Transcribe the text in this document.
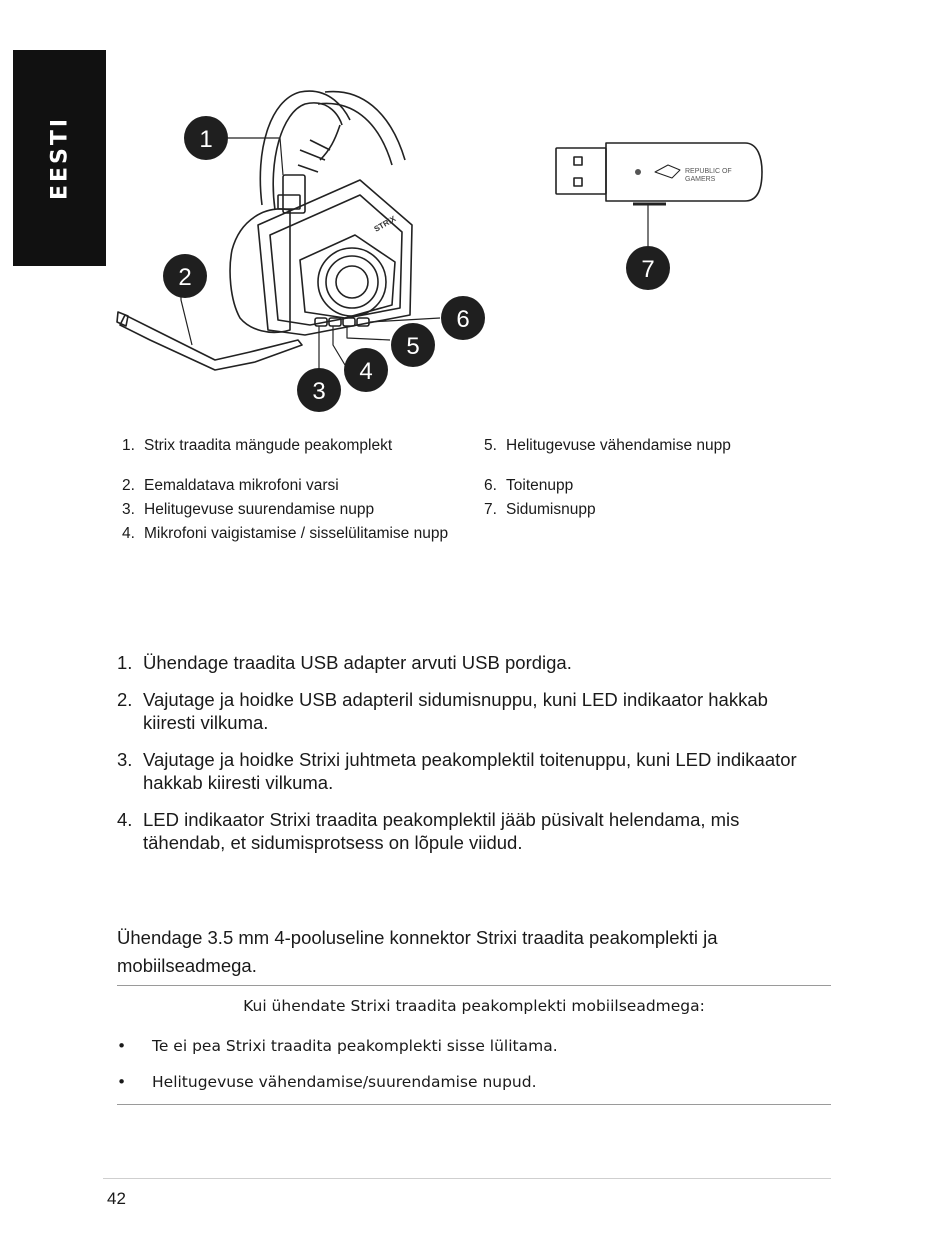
EESTI	REPUBLIC OF
GAMERS
STRIX
1
2
3
4
5
6
7
1. Strix traadita mängude peakomplekt
2. Eemaldatava mikrofoni varsi
3. Helitugevuse suurendamise nupp
4. Mikrofoni vaigistamise / sisselülitamise nupp
5. Helitugevuse vähendamise nupp
6. Toitenupp
7. Sidumisnupp
1. Ühendage traadita USB adapter arvuti USB pordiga.
2. Vajutage ja hoidke USB adapteril sidumisnuppu, kuni LED indikaator hakkab kiiresti vilkuma.
3. Vajutage ja hoidke Strixi juhtmeta peakomplektil toitenuppu, kuni LED indikaator hakkab kiiresti vilkuma.
4. LED indikaator Strixi traadita peakomplektil jääb püsivalt helendama, mis tähendab, et sidumisprotsess on lõpule viidud.
Ühendage 3.5 mm 4-pooluseline konnektor Strixi traadita peakomplekti ja mobiilseadmega.
Kui ühendate Strixi traadita peakomplekti mobiilseadmega:
•	Te ei pea Strixi traadita peakomplekti sisse lülitama.
•	Helitugevuse vähendamise/suurendamise nupud.
42
